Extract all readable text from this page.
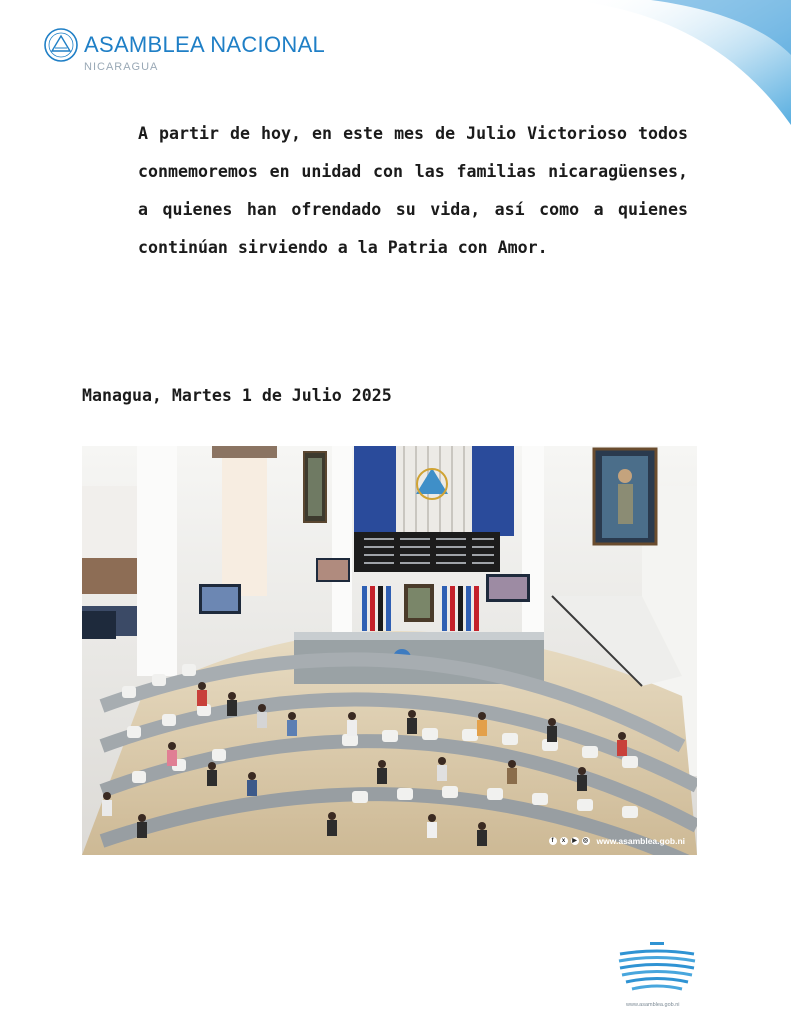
ASAMBLEA NACIONAL
NICARAGUA
A partir de hoy, en este mes de Julio Victorioso todos conmemoremos en unidad con las familias nicaragüenses, a quienes han ofrendado su vida, así como a quienes continúan sirviendo a la Patria con Amor.
Managua, Martes 1 de Julio 2025
f	x	▶ ◎ www.asamblea.gob.ni
www.asamblea.gob.ni
